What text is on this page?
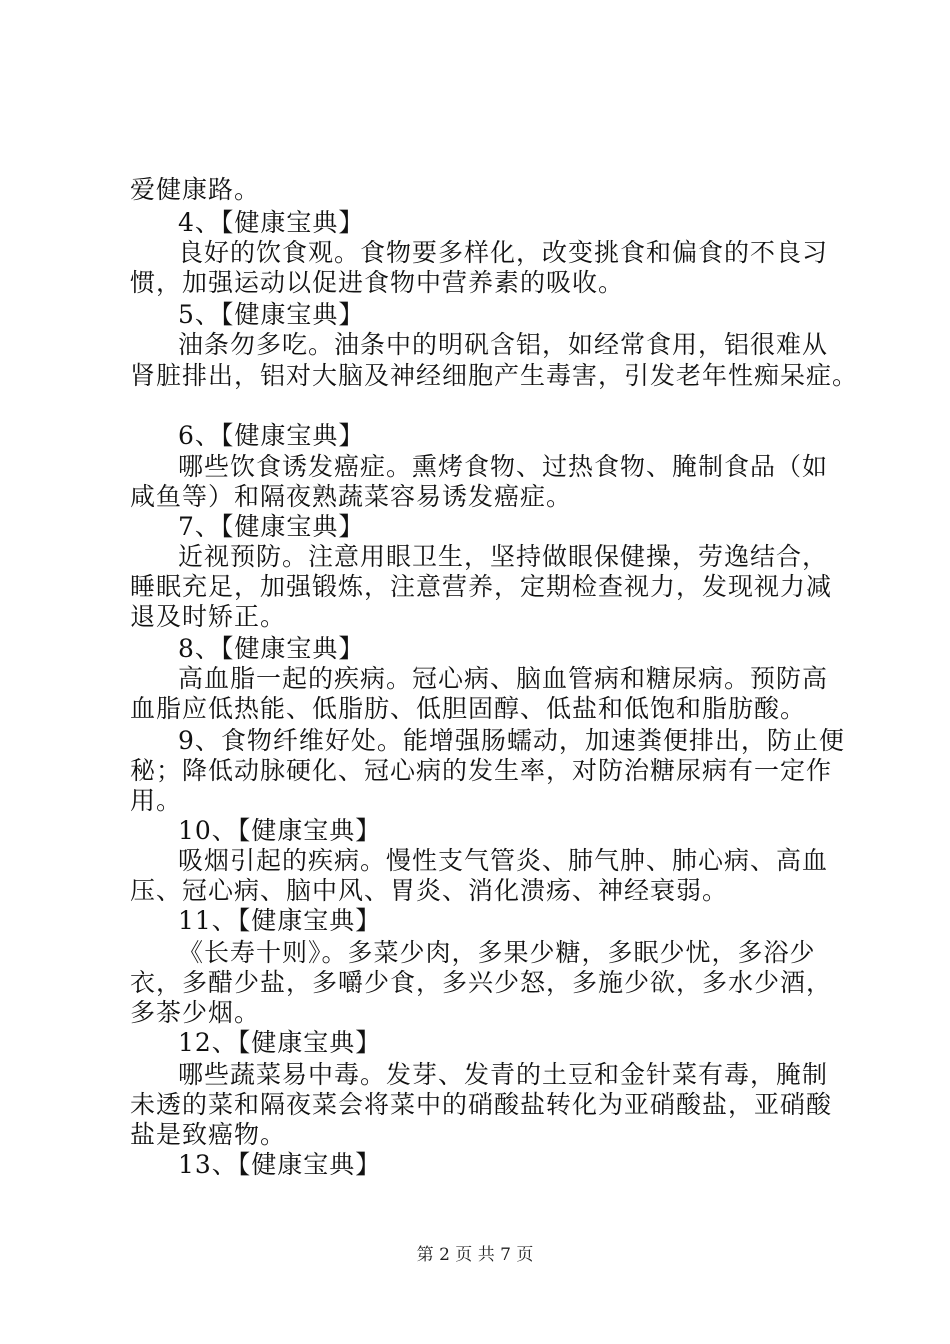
爱健康路。
4、【健康宝典】
良好的饮食观。食物要多样化，改变挑食和偏食的不良习
惯，加强运动以促进食物中营养素的吸收。
5、【健康宝典】
油条勿多吃。油条中的明矾含铝，如经常食用，铝很难从
肾脏排出，铝对大脑及神经细胞产生毒害，引发老年性痴呆症。
6、【健康宝典】
哪些饮食诱发癌症。熏烤食物、过热食物、腌制食品（如
咸鱼等）和隔夜熟蔬菜容易诱发癌症。
7、【健康宝典】
近视预防。注意用眼卫生，坚持做眼保健操，劳逸结合，
睡眠充足，加强锻炼，注意营养，定期检查视力，发现视力减
退及时矫正。
8、【健康宝典】
高血脂一起的疾病。冠心病、脑血管病和糖尿病。预防高
血脂应低热能、低脂肪、低胆固醇、低盐和低饱和脂肪酸。
9、食物纤维好处。能增强肠蠕动，加速粪便排出，防止便
秘；降低动脉硬化、冠心病的发生率，对防治糖尿病有一定作
用。
10、【健康宝典】
吸烟引起的疾病。慢性支气管炎、肺气肿、肺心病、高血
压、冠心病、脑中风、胃炎、消化溃疡、神经衰弱。
11、【健康宝典】
《长寿十则》。多菜少肉，多果少糖，多眠少忧，多浴少
衣，多醋少盐，多嚼少食，多兴少怒，多施少欲，多水少酒，
多茶少烟。
12、【健康宝典】
哪些蔬菜易中毒。发芽、发青的土豆和金针菜有毒，腌制
未透的菜和隔夜菜会将菜中的硝酸盐转化为亚硝酸盐，亚硝酸
盐是致癌物。
13、【健康宝典】
第 2 页 共 7 页
